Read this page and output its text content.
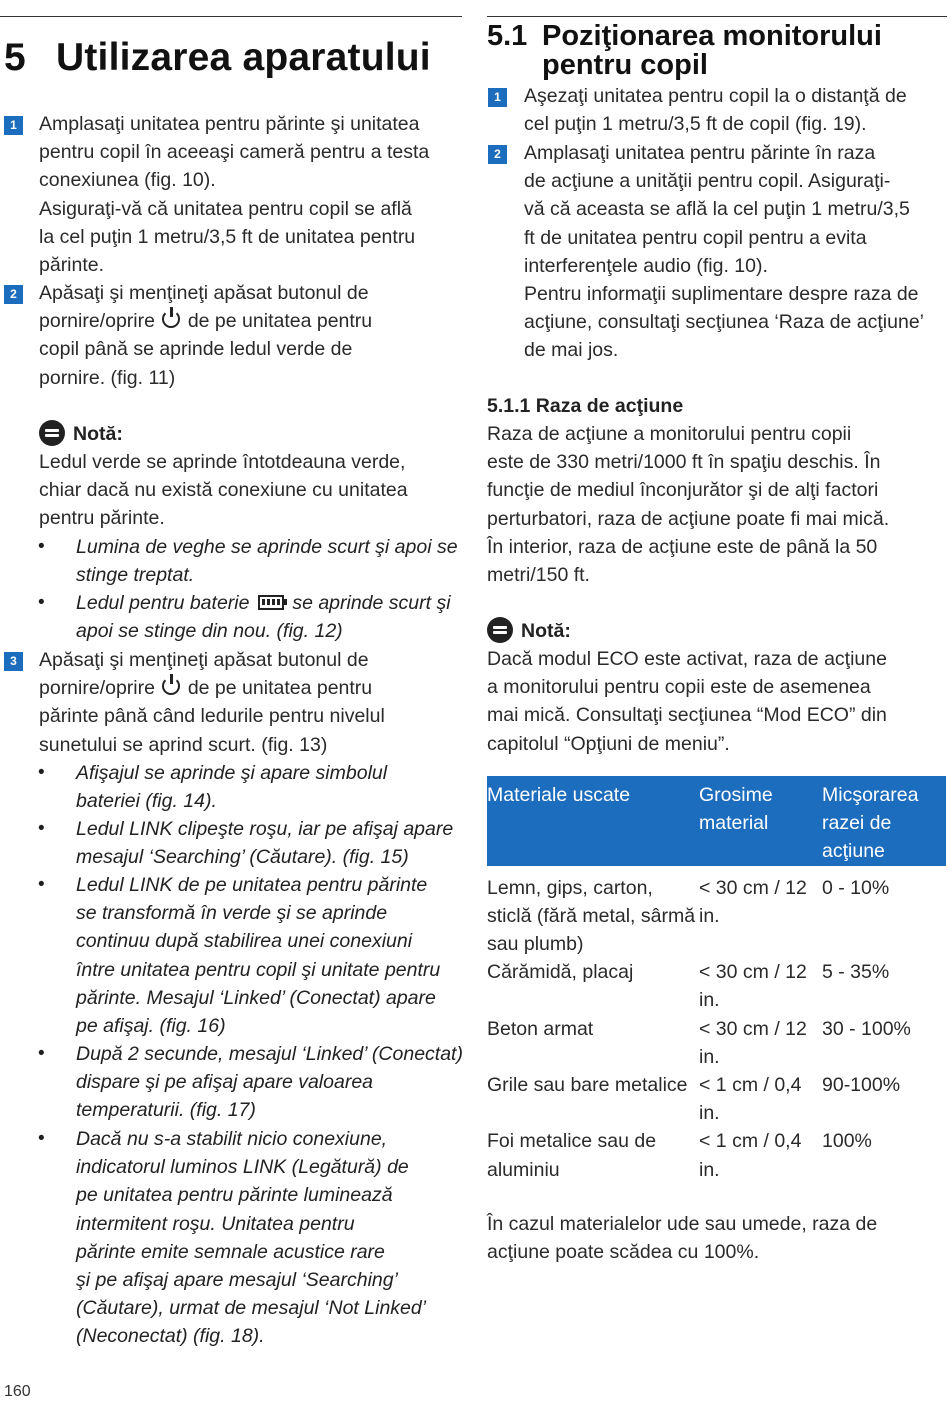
5 Utilizarea aparatului
1	Amplasaţi unitatea pentru părinte şi unitatea
pentru copil în aceeaşi cameră pentru a testa
conexiunea (fig. 10).
Asiguraţi-vă că unitatea pentru copil se află
la cel puţin 1 metru/3,5 ft de unitatea pentru
părinte.
2	Apăsaţi şi menţineţi apăsat butonul de
pornire/oprire de pe unitatea pentru
copil până se aprinde ledul verde de
pornire. (fig. 11)
Notă:
Ledul verde se aprinde întotdeauna verde,
chiar dacă nu există conexiune cu unitatea
pentru părinte.
• Lumina de veghe se aprinde scurt şi apoi se
stinge treptat.
• Ledul pentru baterie se aprinde scurt şi
apoi se stinge din nou. (fig. 12)
3	Apăsaţi şi menţineţi apăsat butonul de
pornire/oprire de pe unitatea pentru
părinte până când ledurile pentru nivelul
sunetului se aprind scurt. (fig. 13)
• Afişajul se aprinde şi apare simbolul
bateriei (fig. 14).
• Ledul LINK clipeşte roşu, iar pe afişaj apare
mesajul ‘Searching’ (Căutare). (fig. 15)
• Ledul LINK de pe unitatea pentru părinte
se transformă în verde şi se aprinde
continuu după stabilirea unei conexiuni
între unitatea pentru copil şi unitate pentru
părinte. Mesajul ‘Linked’ (Conectat) apare
pe afişaj. (fig. 16)
• După 2 secunde, mesajul ‘Linked’ (Conectat)
dispare şi pe afişaj apare valoarea
temperaturii. (fig. 17)
• Dacă nu s-a stabilit nicio conexiune,
indicatorul luminos LINK (Legătură) de
pe unitatea pentru părinte luminează
intermitent roşu. Unitatea pentru
părinte emite semnale acustice rare
şi pe afişaj apare mesajul ‘Searching’
(Căutare), urmat de mesajul ‘Not Linked’
(Neconectat) (fig. 18).
5.1 Poziţionarea monitorului
pentru copil
1	Aşezaţi unitatea pentru copil la o distanţă de
cel puţin 1 metru/3,5 ft de copil (fig. 19).
2	Amplasaţi unitatea pentru părinte în raza
de acţiune a unităţii pentru copil. Asiguraţi-
vă că aceasta se află la cel puţin 1 metru/3,5
ft de unitatea pentru copil pentru a evita
interferenţele audio (fig. 10).
Pentru informaţii suplimentare despre raza de
acţiune, consultaţi secţiunea ‘Raza de acţiune’
de mai jos.
5.1.1 Raza de acţiune
Raza de acţiune a monitorului pentru copii
este de 330 metri/1000 ft în spaţiu deschis. În
funcţie de mediul înconjurător şi de alţi factori
perturbatori, raza de acţiune poate fi mai mică.
În interior, raza de acţiune este de până la 50
metri/150 ft.
Notă:
Dacă modul ECO este activat, raza de acţiune
a monitorului pentru copii este de asemenea
mai mică. Consultaţi secţiunea “Mod ECO” din
capitolul “Opţiuni de meniu”.
Materiale uscate	Grosime material	Micşorarea razei de acţiune
Lemn, gips, carton, sticlă (fără metal, sârmă sau plumb)	< 30 cm / 12 in.	0 - 10%
Cărămidă, placaj	< 30 cm / 12 in.	5 - 35%
Beton armat	< 30 cm / 12 in.	30 - 100%
Grile sau bare metalice	< 1 cm / 0,4 in.	90-100%
Foi metalice sau de aluminiu	< 1 cm / 0,4 in.	100%
În cazul materialelor ude sau umede, raza de
acţiune poate scădea cu 100%.
160
